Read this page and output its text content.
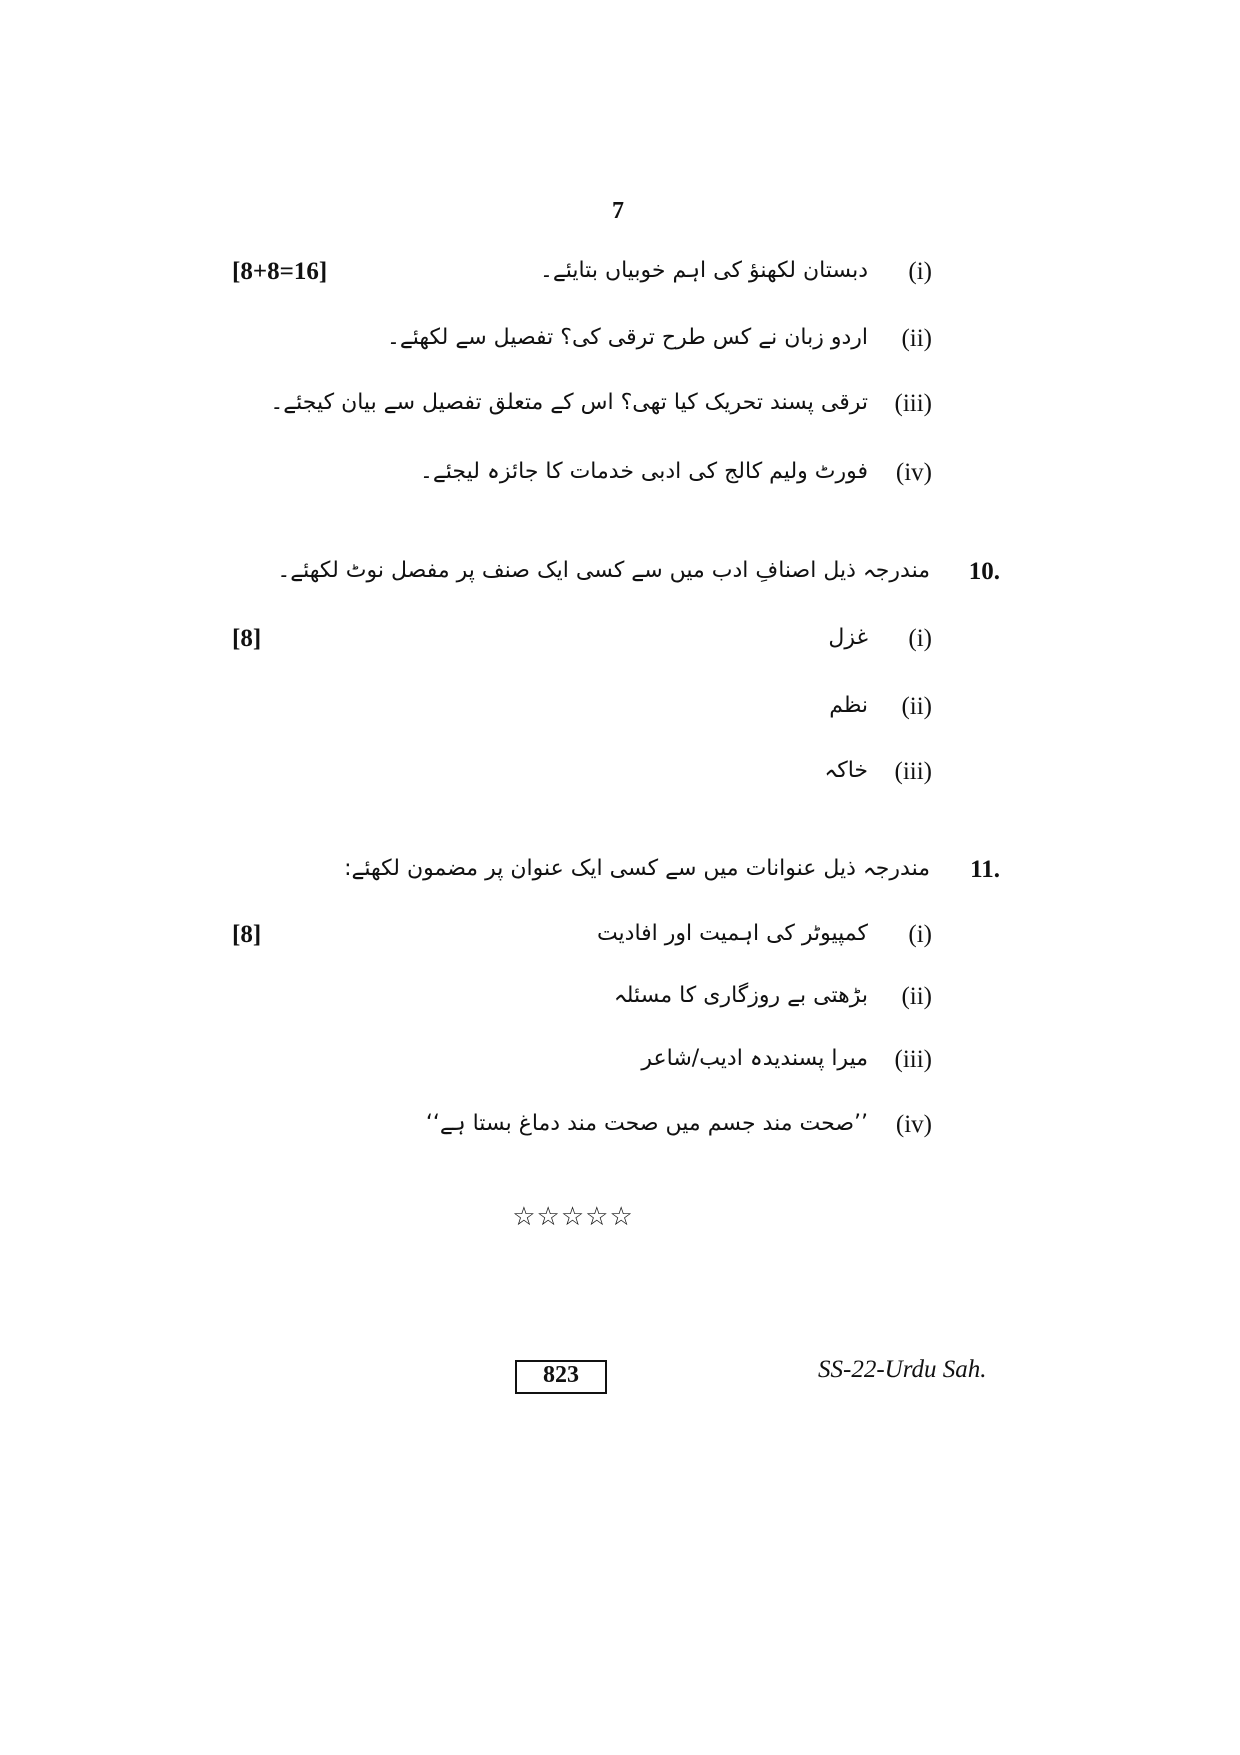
7
[8+8=16]	(i)
دبستان لکھنؤ کی اہم خوبیاں بتایئے۔
(ii)
اردو زبان نے کس طرح ترقی کی؟ تفصیل سے لکھئے۔
(iii)
ترقی پسند تحریک کیا تھی؟ اس کے متعلق تفصیل سے بیان کیجئے۔
(iv)
فورٹ ولیم کالج کی ادبی خدمات کا جائزہ لیجئے۔
10.
مندرجہ ذیل اصنافِ ادب میں سے کسی ایک صنف پر مفصل نوٹ لکھئے۔
[8]	(i)
غزل
(ii)
نظم
(iii)
خاکہ
11.
مندرجہ ذیل عنوانات میں سے کسی ایک عنوان پر مضمون لکھئے:
[8]	(i)
کمپیوٹر کی اہمیت اور افادیت
(ii)
بڑھتی بے روزگاری کا مسئلہ
(iii)
میرا پسندیدہ ادیب/شاعر
(iv)
’’صحت مند جسم میں صحت مند دماغ بستا ہے‘‘
☆☆☆☆☆
823	SS-22-Urdu Sah.
